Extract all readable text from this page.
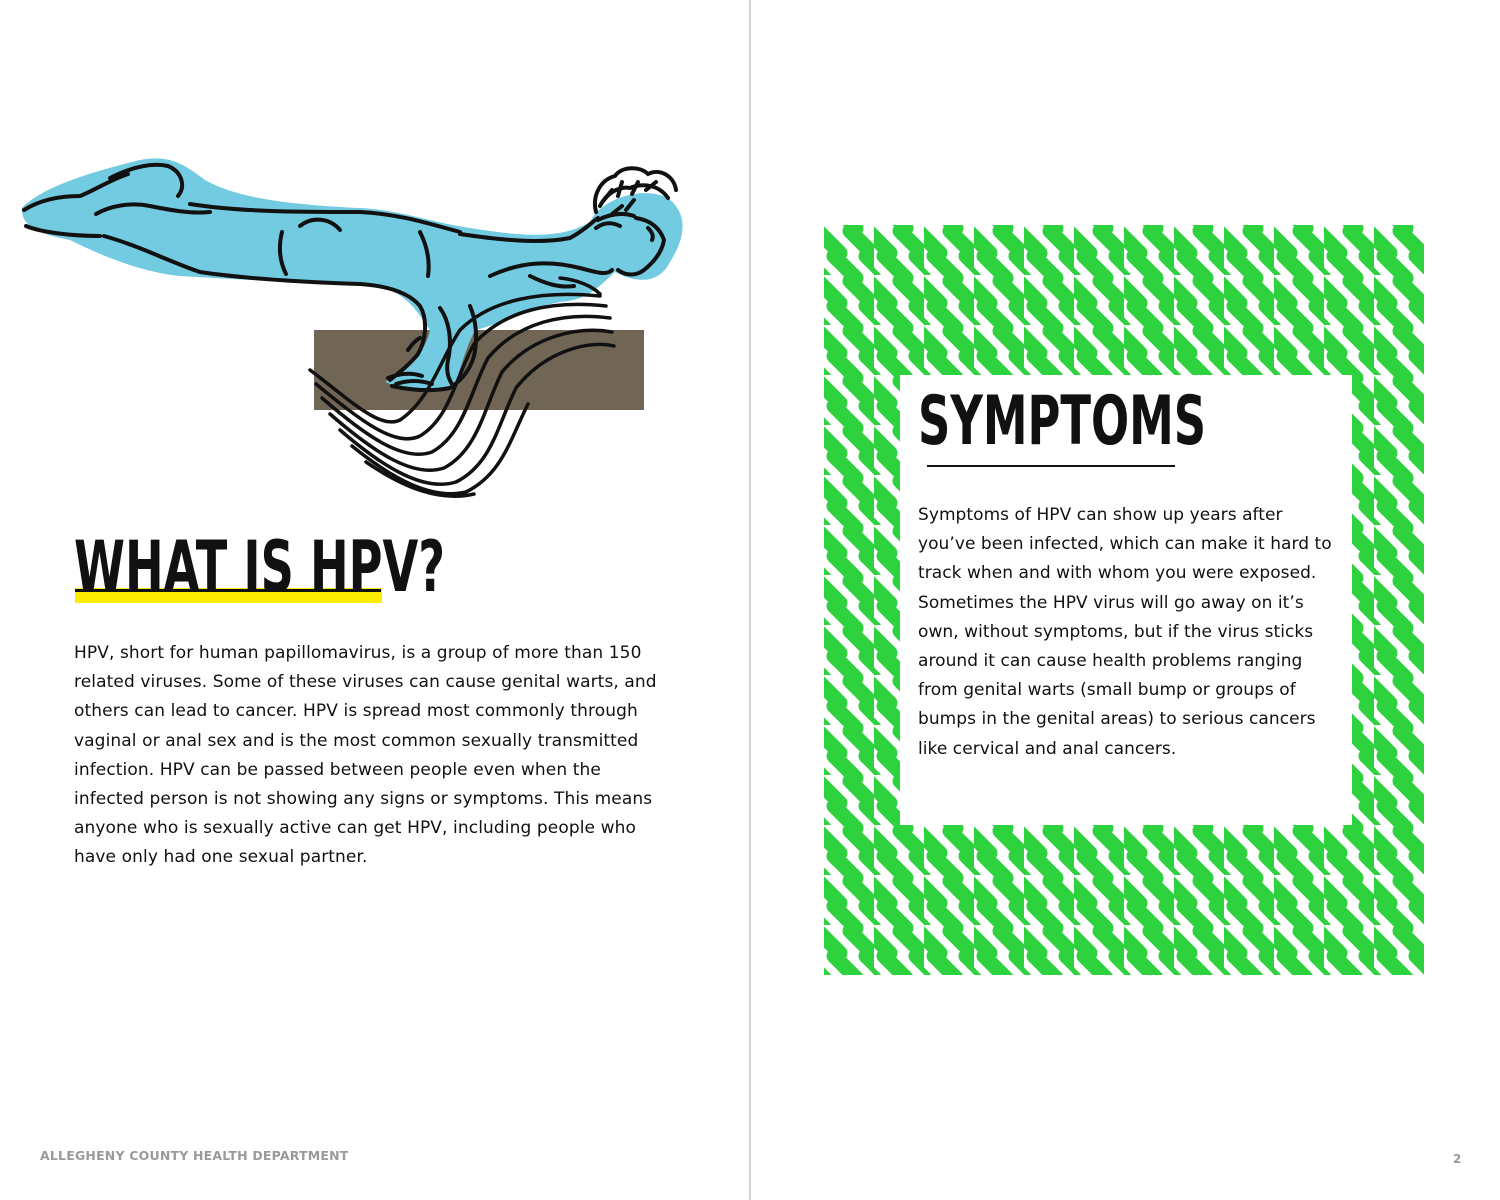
WHAT IS HPV?

HPV, short for human papillomavirus, is a group of more than 150 related viruses. Some of these viruses can cause genital warts, and others can lead to cancer. HPV is spread most commonly through vaginal or anal sex and is the most common sexually transmitted infection. HPV can be passed between people even when the infected person is not showing any signs or symptoms. This means anyone who is sexually active can get HPV, including people who have only had one sexual partner.

SYMPTOMS

Symptoms of HPV can show up years after you’ve been infected, which can make it hard to track when and with whom you were exposed. Sometimes the HPV virus will go away on it’s own, without symptoms, but if the virus sticks around it can cause health problems ranging from genital warts (small bump or groups of bumps in the genital areas) to serious cancers like cervical and anal cancers.

ALLEGHENY COUNTY HEALTH DEPARTMENT	2
